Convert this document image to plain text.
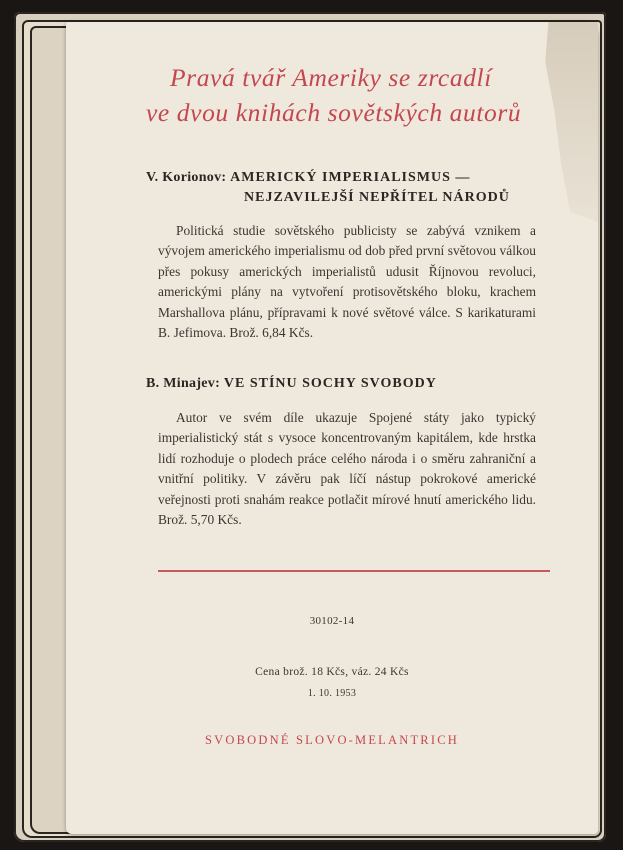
Pravá tvář Ameriky se zrcadlí
ve dvou knihách sovětských autorů
V. Korionov: AMERICKÝ IMPERIALISMUS —
NEJZAVILEJŠÍ NEPŘÍTEL NÁRODŮ

Politická studie sovětského publicisty se zabývá vznikem a vývojem amerického imperialismu od dob před první světovou válkou přes pokusy amerických imperialistů udusit Říjnovou revoluci, americkými plány na vytvoření protisovětského bloku, krachem Marshallova plánu, přípravami k nové světové válce. S karikaturami B. Jefimova. Brož. 6,84 Kčs.

B. Minajev: VE STÍNU SOCHY SVOBODY

Autor ve svém díle ukazuje Spojené státy jako typický imperialistický stát s vysoce koncentrovaným kapitálem, kde hrstka lidí rozhoduje o plodech práce celého národa i o směru zahraniční a vnitřní politiky. V závěru pak líčí nástup pokrokové americké veřejnosti proti snahám reakce potlačit mírové hnutí amerického lidu. Brož. 5,70 Kčs.

30102-14
Cena brož. 18 Kčs, váz. 24 Kčs
1. 10. 1953
SVOBODNÉ SLOVO-MELANTRICH
